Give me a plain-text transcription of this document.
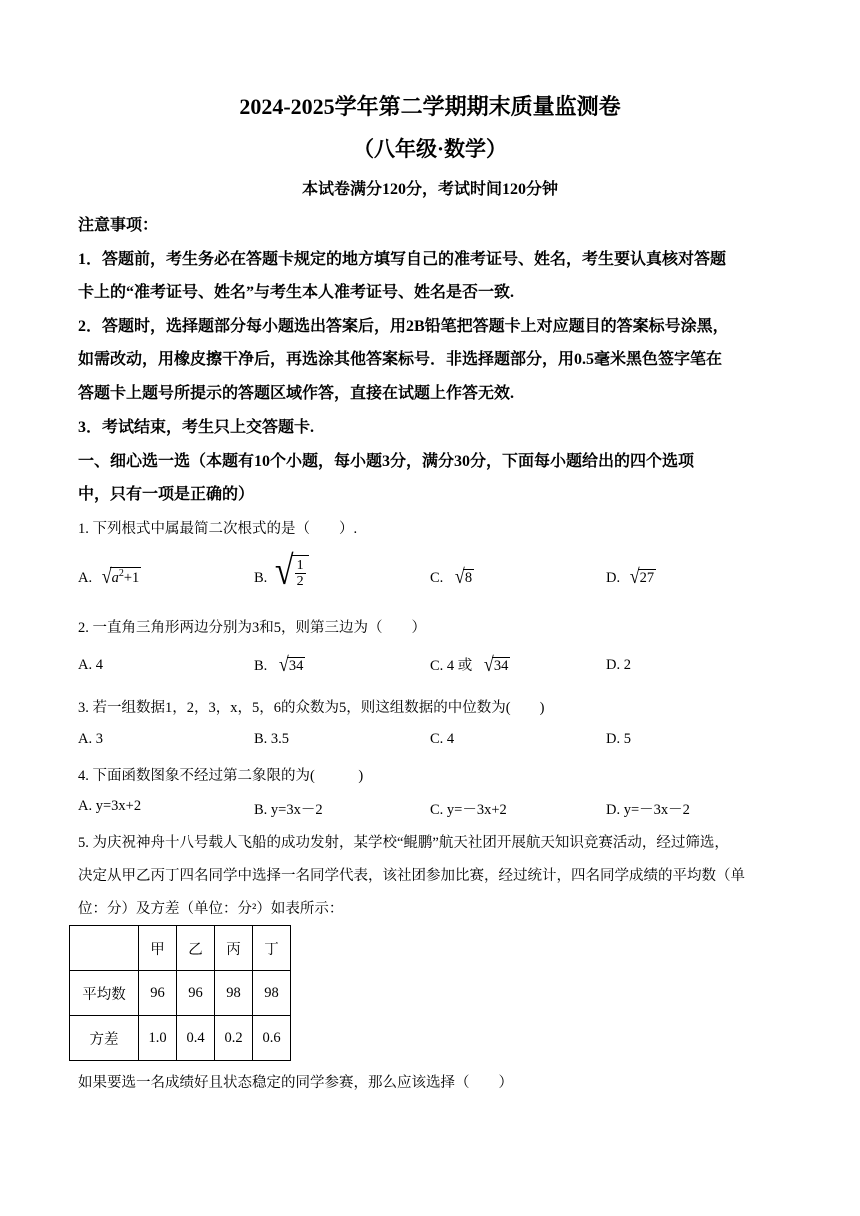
2024-2025学年第二学期期末质量监测卷
（八年级·数学）
本试卷满分120分，考试时间120分钟
注意事项：
1．答题前，考生务必在答题卡规定的地方填写自己的准考证号、姓名，考生要认真核对答题
卡上的“准考证号、姓名”与考生本人准考证号、姓名是否一致.
2．答题时，选择题部分每小题选出答案后，用2B铅笔把答题卡上对应题目的答案标号涂黑，
如需改动，用橡皮擦干净后，再选涂其他答案标号．非选择题部分，用0.5毫米黑色签字笔在
答题卡上题号所提示的答题区域作答，直接在试题上作答无效.
3．考试结束，考生只上交答题卡.
一、细心选一选（本题有10个小题，每小题3分，满分30分，下面每小题给出的四个选项
中，只有一项是正确的）
1. 下列根式中属最简二次根式的是（　　）.
A. $√a^2+1$	B. √
$\frac{1}{2}$	C. √8	D. √27
2. 一直角三角形两边分别为3和5，则第三边为（　　）
A. 4	B. √34	C. 4 或 √34	D. 2
3. 若一组数据1，2，3，x，5，6的众数为5，则这组数据的中位数为(　　)
A. 3	B. 3.5	C. 4	D. 5
4. 下面函数图象不经过第二象限的为(　　　)
A. y=3x+2	B. y=3x－2	C. y=－3x+2	D. y=－3x－2
5. 为庆祝神舟十八号载人飞船的成功发射，某学校“鲲鹏”航天社团开展航天知识竞赛活动，经过筛选，
决定从甲乙丙丁四名同学中选择一名同学代表，该社团参加比赛，经过统计，四名同学成绩的平均数（单
位：分）及方差（单位：分²）如表所示：
	甲	乙	丙	丁
平均数	96	96	98	98
方差	1.0	0.4	0.2	0.6
如果要选一名成绩好且状态稳定的同学参赛，那么应该选择（　　）
